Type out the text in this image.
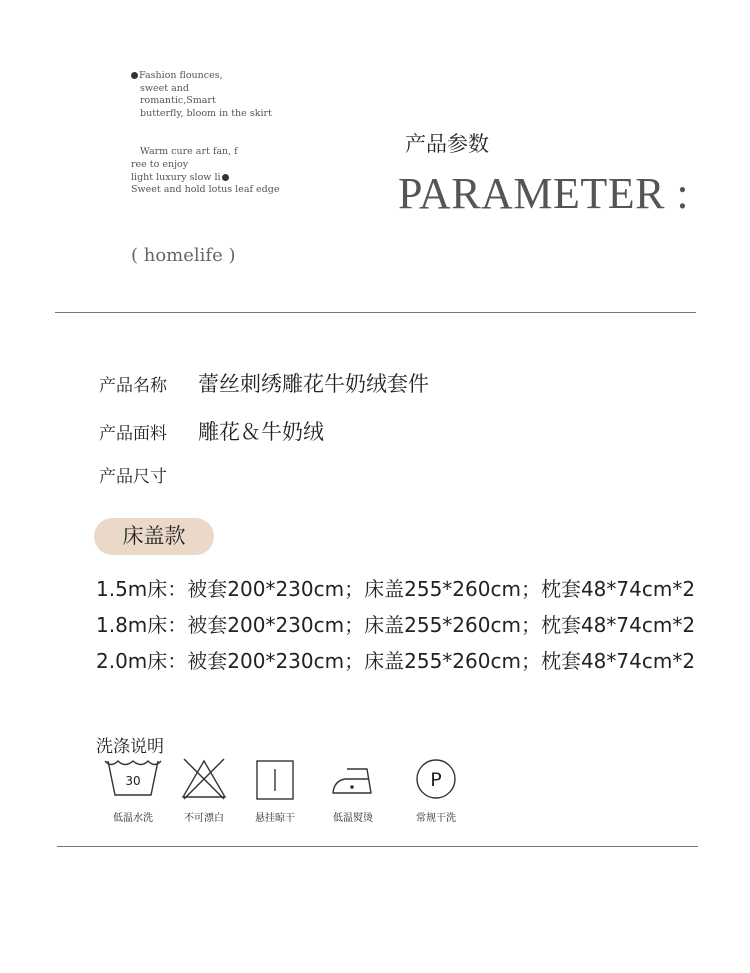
Fashion flounces,
sweet and
romantic,Smart
butterfly, bloom in the skirt
Warm cure art fan, f
ree to enjoy
light luxury slow li
Sweet and hold lotus leaf edge
( homelife )
产品参数
PARAMETER :
产品名称 蕾丝刺绣雕花牛奶绒套件
产品面料 雕花＆牛奶绒
产品尺寸
床盖款
1.5m床：被套200*230cm；床盖255*260cm；枕套48*74cm*2
1.8m床：被套200*230cm；床盖255*260cm；枕套48*74cm*2
2.0m床：被套200*230cm；床盖255*260cm；枕套48*74cm*2
洗涤说明
30
低温水洗	不可漂白	悬挂晾干	低温熨烫
P
常规干洗
